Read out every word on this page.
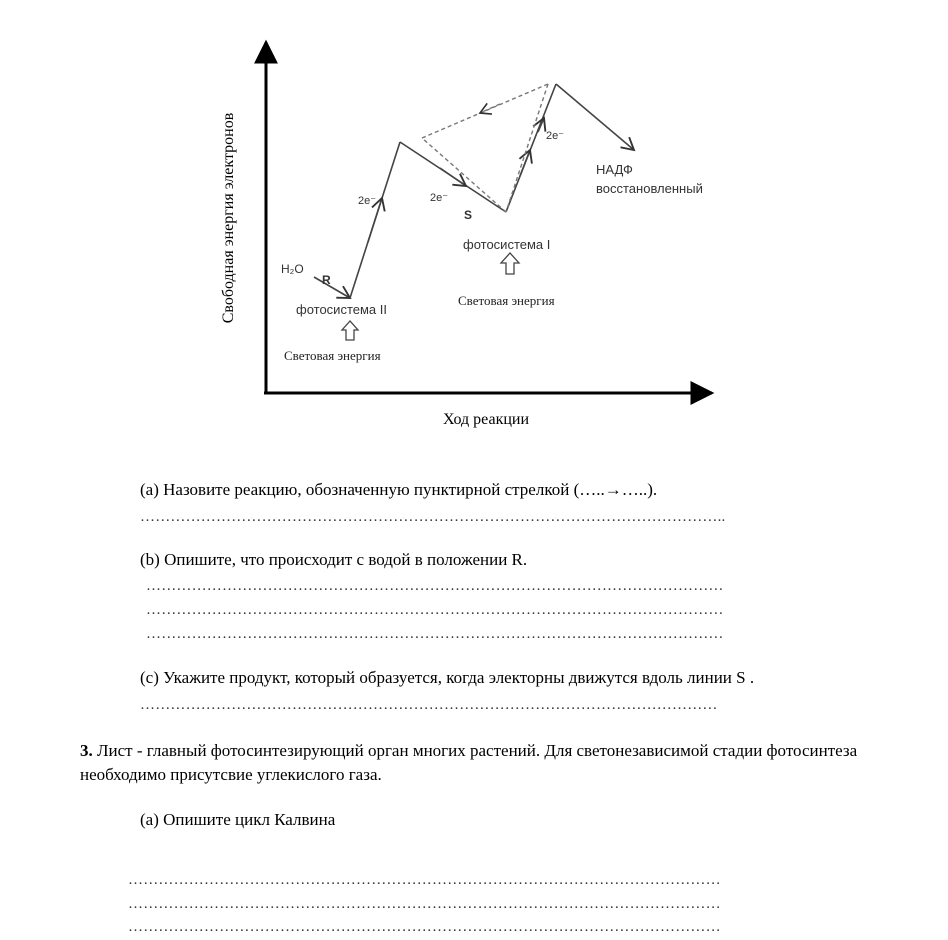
Свободная энергия электронов
Ход реакции
H₂O
R
2e⁻	2e⁻
S
2e⁻
фотосистема II
фотосистема I
НАДФ
восстановленный
Световая энергия
Световая энергия
(a) Назовите реакцию, обозначенную пунктирной стрелкой (…..→…..).
……………………………………………………………………………………………………..
(b) Опишите, что происходит с водой в положении R.
……………………………………………………………………………………………………
……………………………………………………………………………………………………
……………………………………………………………………………………………………
(c) Укажите продукт, который образуется, когда электорны движутся вдоль линии S .
……………………………………………………………………………………………………
3. Лист - главный фотосинтезирующий орган многих растений. Для светонезависимой стадии фотосинтеза необходимо присутсвие углекислого газа.
(a) Опишите цикл Калвина
………………………………………………………………………………………………………
………………………………………………………………………………………………………
………………………………………………………………………………………………………
